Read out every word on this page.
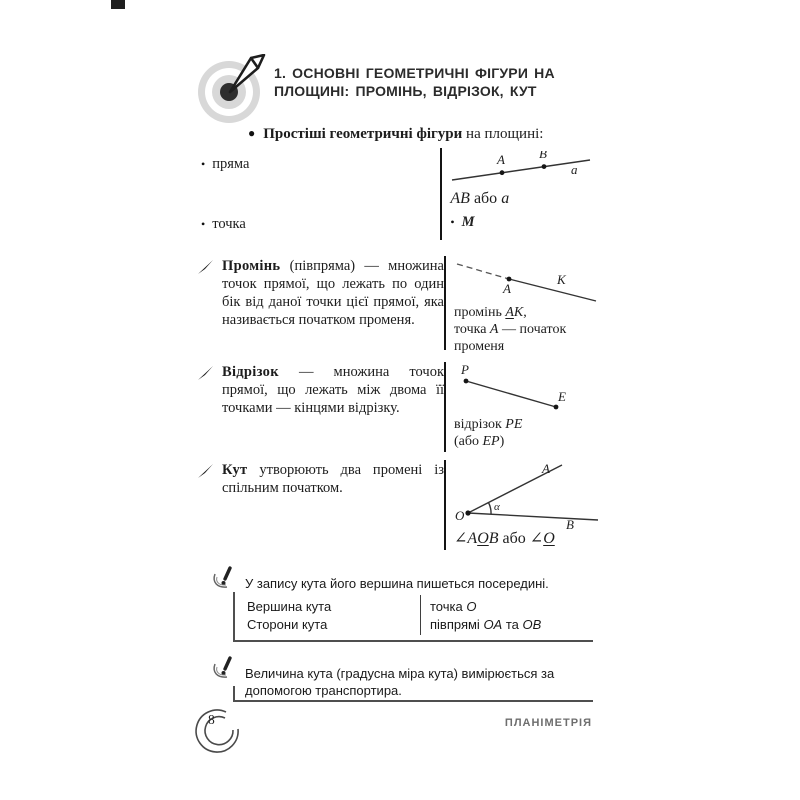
1. ОСНОВНІ ГЕОМЕТРИЧНІ ФІГУРИ НА
ПЛОЩИНІ: ПРОМІНЬ, ВІДРІЗОК, КУТ
● Простіші геометричні фігури на площині:
• пряма
• точка
A	B
a
AB або a
• M

Промінь (півпряма) — множина точок прямої, що лежать по один бік від даної точки цієї прямої, яка називається початком променя.

A
K
промінь AK,
точка A — початок
променя

Відрізок — множина точок прямої, що лежать між двома її точками — кінцями відрізку.

P
E
відрізок PE
(або EP)

Кут утворюють два промені із спільним початком.

O
A
B
α
∠AOB або ∠O
У запису кута його вершина пишеться посередині.
Вершина кута	точка O
Сторони кута	півпрямі OA та OB
Величина кута (градусна міра кута) вимірюється за допомогою транспортира.
8	ПЛАНІМЕТРІЯ
